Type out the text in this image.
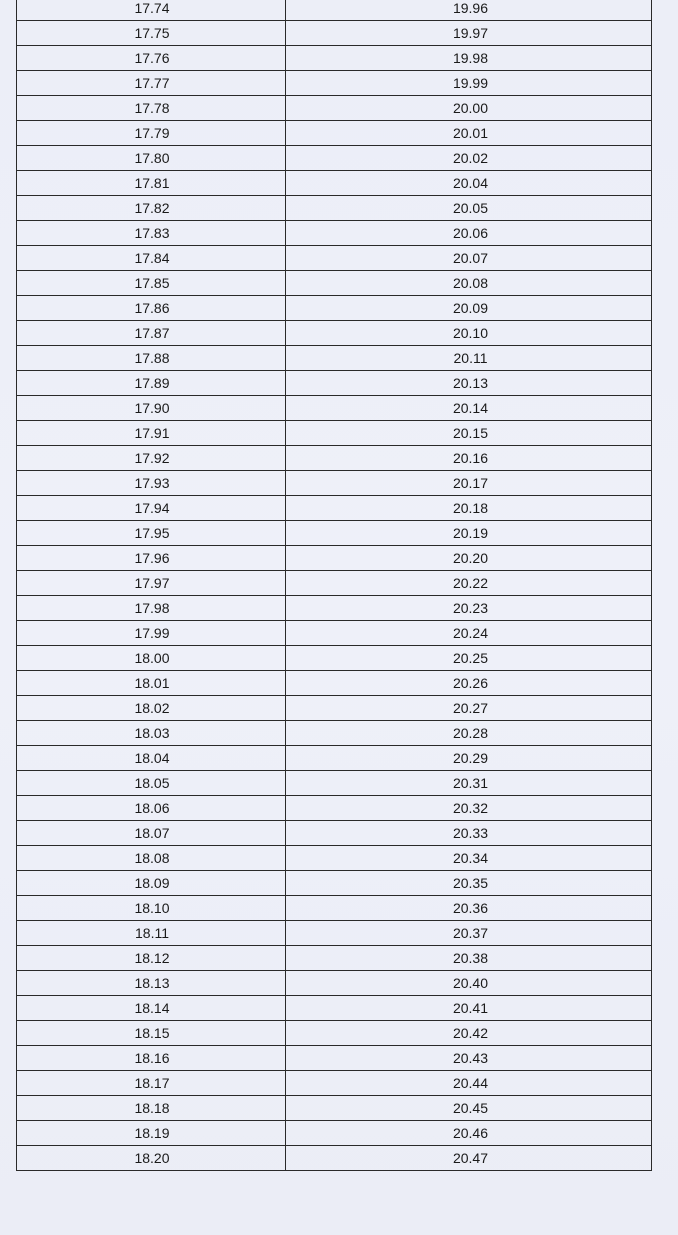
17.74	19.96
17.75	19.97
17.76	19.98
17.77	19.99
17.78	20.00
17.79	20.01
17.80	20.02
17.81	20.04
17.82	20.05
17.83	20.06
17.84	20.07
17.85	20.08
17.86	20.09
17.87	20.10
17.88	20.11
17.89	20.13
17.90	20.14
17.91	20.15
17.92	20.16
17.93	20.17
17.94	20.18
17.95	20.19
17.96	20.20
17.97	20.22
17.98	20.23
17.99	20.24
18.00	20.25
18.01	20.26
18.02	20.27
18.03	20.28
18.04	20.29
18.05	20.31
18.06	20.32
18.07	20.33
18.08	20.34
18.09	20.35
18.10	20.36
18.11	20.37
18.12	20.38
18.13	20.40
18.14	20.41
18.15	20.42
18.16	20.43
18.17	20.44
18.18	20.45
18.19	20.46
18.20	20.47
